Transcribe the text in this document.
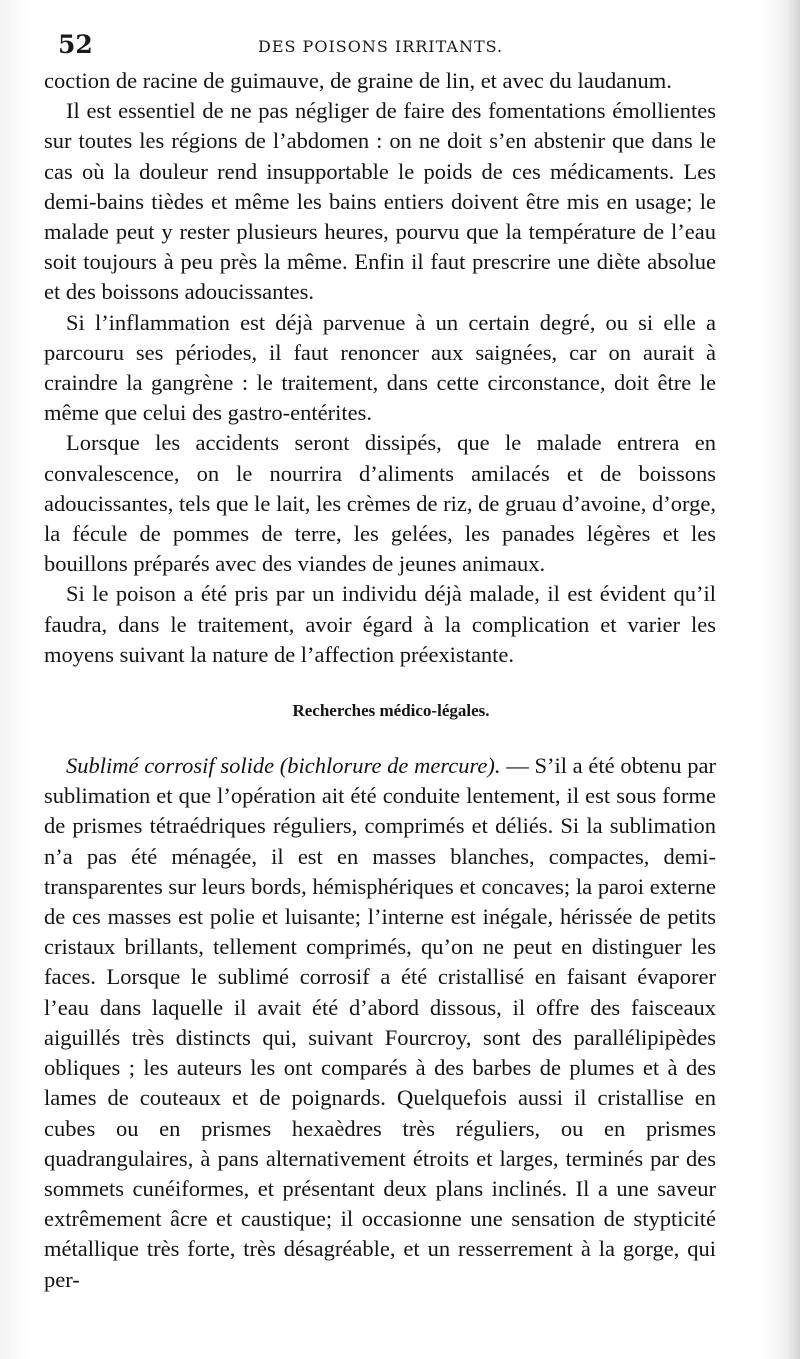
52	DES POISONS IRRITANTS.

coction de racine de guimauve, de graine de lin, et avec du laudanum.

Il est essentiel de ne pas négliger de faire des fomentations émollientes sur toutes les régions de l’abdomen : on ne doit s’en abstenir que dans le cas où la douleur rend insupportable le poids de ces médicaments. Les demi-bains tièdes et même les bains entiers doivent être mis en usage; le malade peut y rester plusieurs heures, pourvu que la température de l’eau soit toujours à peu près la même. Enfin il faut prescrire une diète absolue et des boissons adoucissantes.

Si l’inflammation est déjà parvenue à un certain degré, ou si elle a parcouru ses périodes, il faut renoncer aux saignées, car on aurait à craindre la gangrène : le traitement, dans cette circonstance, doit être le même que celui des gastro-entérites.

Lorsque les accidents seront dissipés, que le malade entrera en convalescence, on le nourrira d’aliments amilacés et de boissons adoucissantes, tels que le lait, les crèmes de riz, de gruau d’avoine, d’orge, la fécule de pommes de terre, les gelées, les panades légères et les bouillons préparés avec des viandes de jeunes animaux.

Si le poison a été pris par un individu déjà malade, il est évident qu’il faudra, dans le traitement, avoir égard à la complication et varier les moyens suivant la nature de l’affection préexistante.

Recherches médico-légales.

Sublimé corrosif solide (bichlorure de mercure). — S’il a été obtenu par sublimation et que l’opération ait été conduite lentement, il est sous forme de prismes tétraédriques réguliers, comprimés et déliés. Si la sublimation n’a pas été ménagée, il est en masses blanches, compactes, demi-transparentes sur leurs bords, hémisphériques et concaves; la paroi externe de ces masses est polie et luisante; l’interne est inégale, hérissée de petits cristaux brillants, tellement comprimés, qu’on ne peut en distinguer les faces. Lorsque le sublimé corrosif a été cristallisé en faisant évaporer l’eau dans laquelle il avait été d’abord dissous, il offre des faisceaux aiguillés très distincts qui, suivant Fourcroy, sont des parallélipipèdes obliques ; les auteurs les ont comparés à des barbes de plumes et à des lames de couteaux et de poignards. Quelquefois aussi il cristallise en cubes ou en prismes hexaèdres très réguliers, ou en prismes quadrangulaires, à pans alternativement étroits et larges, terminés par des sommets cunéiformes, et présentant deux plans inclinés. Il a une saveur extrêmement âcre et caustique; il occasionne une sensation de stypticité métallique très forte, très désagréable, et un resserrement à la gorge, qui per-
